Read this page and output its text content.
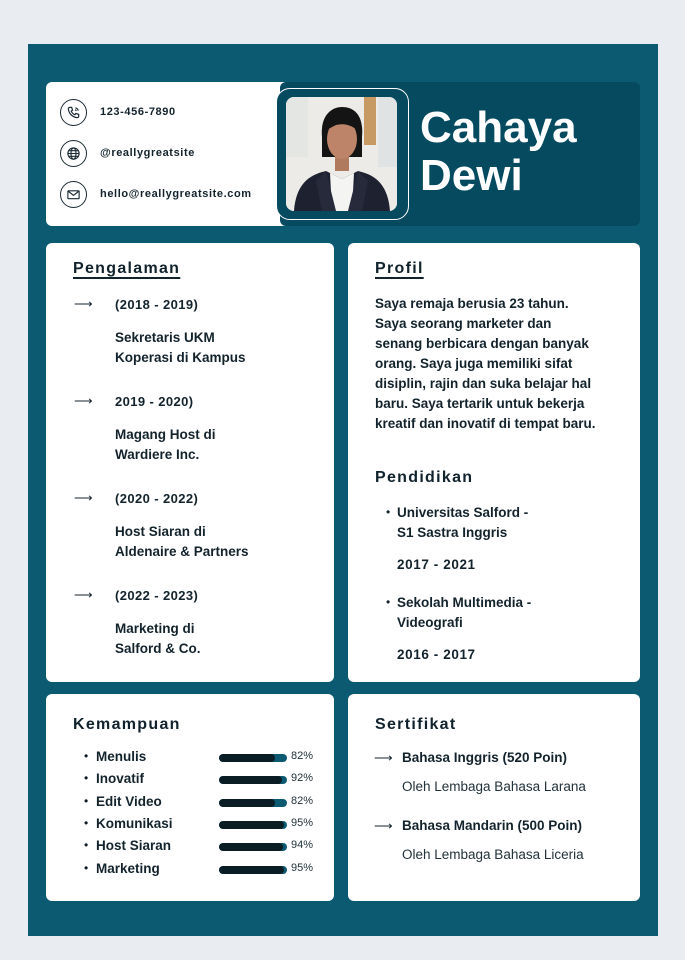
123-456-7890
@reallygreatsite
hello@reallygreatsite.com
Cahaya
Dewi
Pengalaman
⟶ (2018 - 2019)
Sekretaris UKM
Koperasi di Kampus
⟶ 2019 - 2020)
Magang Host di
Wardiere Inc.
⟶ (2020 - 2022)
Host Siaran di
Aldenaire & Partners
⟶ (2022 - 2023)
Marketing di
Salford & Co.
Profil
Saya remaja berusia 23 tahun.
Saya seorang marketer dan
senang berbicara dengan banyak
orang. Saya juga memiliki sifat
disiplin, rajin dan suka belajar hal
baru. Saya tertarik untuk bekerja
kreatif dan inovatif di tempat baru.
Pendidikan
• Universitas Salford -
S1 Sastra Inggris
2017 - 2021
• Sekolah Multimedia -
Videografi
2016 - 2017
Kemampuan
• Menulis	82%
• Inovatif	92%
• Edit Video	82%
• Komunikasi	95%
• Host Siaran	94%
• Marketing	95%
Sertifikat
⟶ Bahasa Inggris (520 Poin)
Oleh Lembaga Bahasa Larana
⟶ Bahasa Mandarin (500 Poin)
Oleh Lembaga Bahasa Liceria
